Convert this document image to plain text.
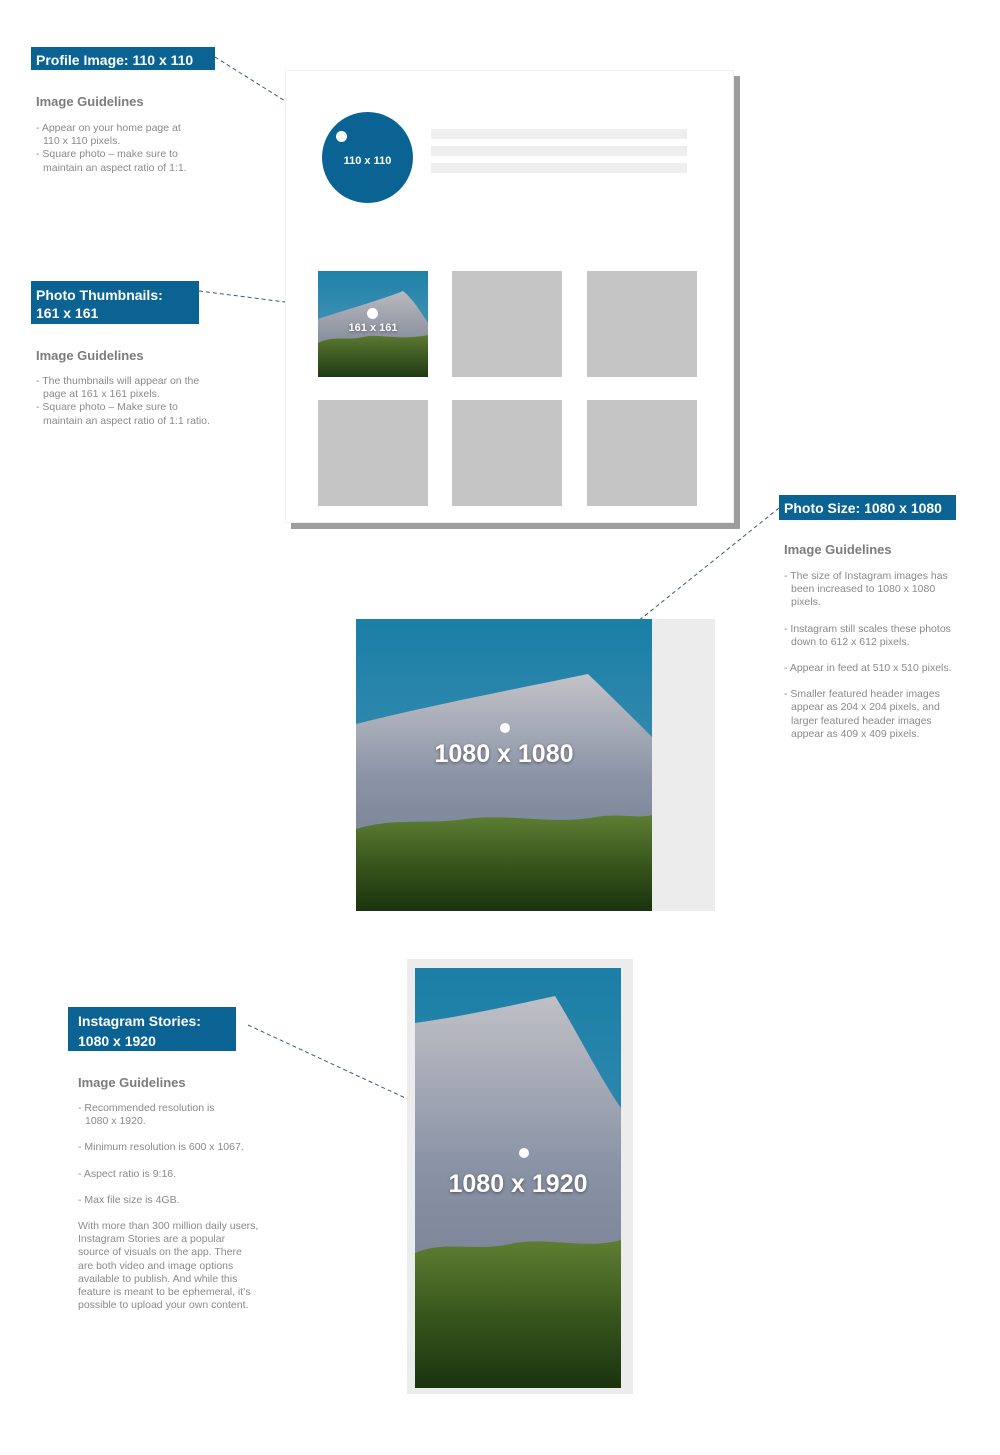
Profile Image: 110 x 110
Image Guidelines

- Appear on your home page at

110 x 110 pixels.

- Square photo – make sure to

maintain an aspect ratio of 1:1.

Photo Thumbnails:
161 x 161
Image Guidelines

- The thumbnails will appear on the

page at 161 x 161 pixels.

- Square photo – Make sure to

maintain an aspect ratio of 1:1 ratio.

110 x 110
161 x 161
Photo Size: 1080 x 1080
Image Guidelines

- The size of Instagram images has

been increased to 1080 x 1080

pixels.

- Instagram still scales these photos

down to 612 x 612 pixels.

- Appear in feed at 510 x 510 pixels.

- Smaller featured header images

appear as 204 x 204 pixels, and

larger featured header images

appear as 409 x 409 pixels.

1080 x 1080
Instagram Stories:
1080 x 1920
Image Guidelines

- Recommended resolution is

1080 x 1920.

- Minimum resolution is 600 x 1067.

- Aspect ratio is 9:16.

- Max file size is 4GB.

With more than 300 million daily users,

Instagram Stories are a popular

source of visuals on the app. There

are both video and image options

available to publish. And while this

feature is meant to be ephemeral, it’s

possible to upload your own content.

1080 x 1920
